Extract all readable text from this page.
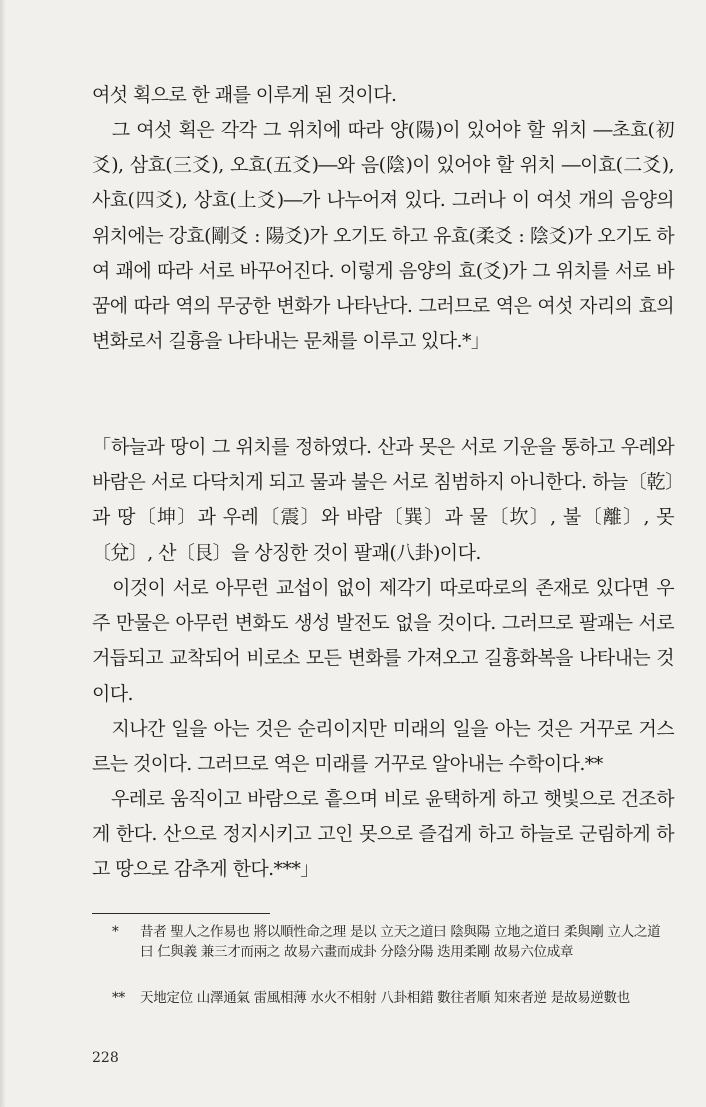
여섯 획으로 한 괘를 이루게 된 것이다.

　그 여섯 획은 각각 그 위치에 따라 양(陽)이 있어야 할 위치 ―초효(初爻), 삼효(三爻), 오효(五爻)―와 음(陰)이 있어야 할 위치 ―이효(二爻), 사효(四爻), 상효(上爻)―가 나누어져 있다. 그러나 이 여섯 개의 음양의 위치에는 강효(剛爻 : 陽爻)가 오기도 하고 유효(柔爻 : 陰爻)가 오기도 하여 괘에 따라 서로 바꾸어진다. 이렇게 음양의 효(爻)가 그 위치를 서로 바꿈에 따라 역의 무궁한 변화가 나타난다. 그러므로 역은 여섯 자리의 효의 변화로서 길흉을 나타내는 문채를 이루고 있다.*」

「하늘과 땅이 그 위치를 정하였다. 산과 못은 서로 기운을 통하고 우레와 바람은 서로 다닥치게 되고 물과 불은 서로 침범하지 아니한다. 하늘〔乾〕과 땅〔坤〕과 우레〔震〕와 바람〔巽〕과 물〔坎〕, 불〔離〕, 못〔兌〕, 산〔艮〕을 상징한 것이 팔괘(八卦)이다.

　이것이 서로 아무런 교섭이 없이 제각기 따로따로의 존재로 있다면 우주 만물은 아무런 변화도 생성 발전도 없을 것이다. 그러므로 팔괘는 서로 거듭되고 교착되어 비로소 모든 변화를 가져오고 길흉화복을 나타내는 것이다.

　지나간 일을 아는 것은 순리이지만 미래의 일을 아는 것은 거꾸로 거스르는 것이다. 그러므로 역은 미래를 거꾸로 알아내는 수학이다.**

　우레로 움직이고 바람으로 흩으며 비로 윤택하게 하고 햇빛으로 건조하게 한다. 산으로 정지시키고 고인 못으로 즐겁게 하고 하늘로 군림하게 하고 땅으로 감추게 한다.***」

*	昔者 聖人之作易也 將以順性命之理 是以 立天之道曰 陰與陽 立地之道曰 柔與剛 立人之道曰 仁與義 兼三才而兩之 故易六畫而成卦 分陰分陽 迭用柔剛 故易六位成章
**	天地定位 山澤通氣 雷風相薄 水火不相射 八卦相錯 數往者順 知來者逆 是故易逆數也
228
